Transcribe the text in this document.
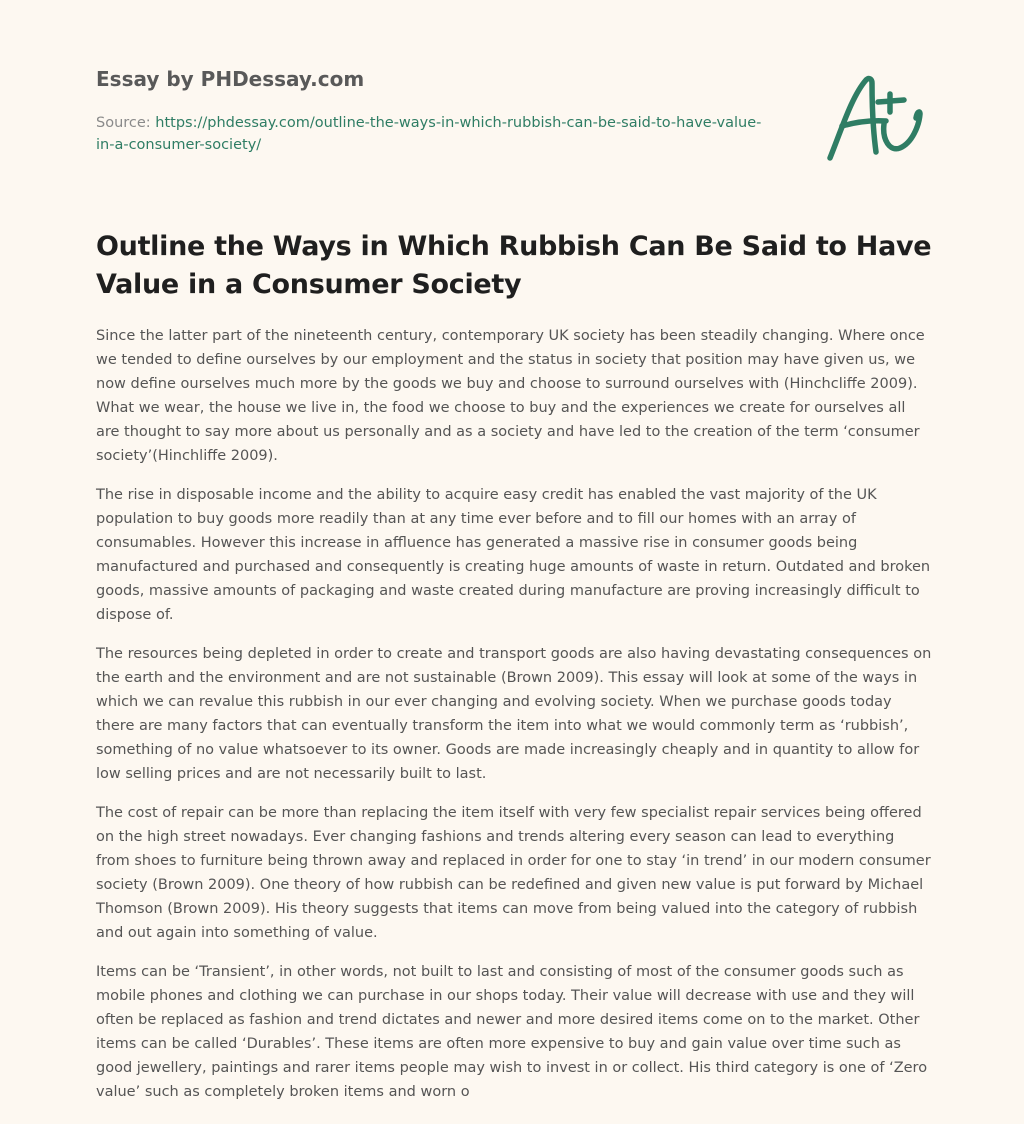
Essay by PHDessay.com
Source: https://phdessay.com/outline-the-ways-in-which-rubbish-can-be-said-to-have-value-in-a-consumer-society/
Outline the Ways in Which Rubbish Can Be Said to Have Value in a Consumer Society

Since the latter part of the nineteenth century, contemporary UK society has been steadily changing. Where once we tended to define ourselves by our employment and the status in society that position may have given us, we now define ourselves much more by the goods we buy and choose to surround ourselves with (Hinchcliffe 2009). What we wear, the house we live in, the food we choose to buy and the experiences we create for ourselves all are thought to say more about us personally and as a society and have led to the creation of the term ‘consumer society’(Hinchliffe 2009).

The rise in disposable income and the ability to acquire easy credit has enabled the vast majority of the UK population to buy goods more readily than at any time ever before and to fill our homes with an array of consumables. However this increase in affluence has generated a massive rise in consumer goods being manufactured and purchased and consequently is creating huge amounts of waste in return. Outdated and broken goods, massive amounts of packaging and waste created during manufacture are proving increasingly difficult to dispose of.

The resources being depleted in order to create and transport goods are also having devastating consequences on the earth and the environment and are not sustainable (Brown 2009). This essay will look at some of the ways in which we can revalue this rubbish in our ever changing and evolving society. When we purchase goods today there are many factors that can eventually transform the item into what we would commonly term as ‘rubbish’, something of no value whatsoever to its owner. Goods are made increasingly cheaply and in quantity to allow for low selling prices and are not necessarily built to last.

The cost of repair can be more than replacing the item itself with very few specialist repair services being offered on the high street nowadays. Ever changing fashions and trends altering every season can lead to everything from shoes to furniture being thrown away and replaced in order for one to stay ‘in trend’ in our modern consumer society (Brown 2009). One theory of how rubbish can be redefined and given new value is put forward by Michael Thomson (Brown 2009). His theory suggests that items can move from being valued into the category of rubbish and out again into something of value.

Items can be ‘Transient’, in other words, not built to last and consisting of most of the consumer goods such as mobile phones and clothing we can purchase in our shops today. Their value will decrease with use and they will often be replaced as fashion and trend dictates and newer and more desired items come on to the market. Other items can be called ‘Durables’. These items are often more expensive to buy and gain value over time such as good jewellery, paintings and rarer items people may wish to invest in or collect. His third category is one of ‘Zero value’ such as completely broken items and worn o
